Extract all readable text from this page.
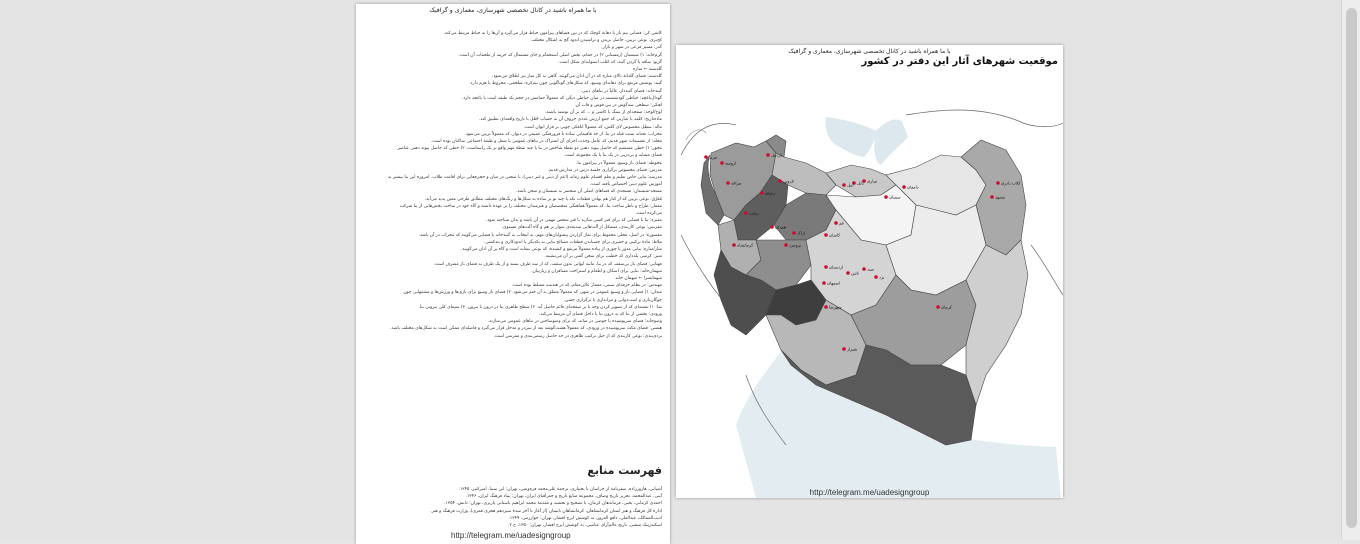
با ما همراه باشید در کانال تخصصی شهرسازی، معماری و گرافیک

کاشی کن: فضایی نیم باز با دهانۀ کوچک که در بین فضاهای پیرامون حیاط قرار می‌گیرد و آن‌ها را به حیاط مرتبط می‌کند.

کج‌بری: نوعی تزیین، حاصل بریدن و تراشیدن اندود گچ به اشکال مختلف.

گذر: مسیر فرعی در شهر و بازار.

گرم‌خانه: ۱) شبستان (زمستانی ۲) در حمام، بخش اصلی استحمام و جای مشتمال که خزینه از ملحقات آن است.

گریو: ساقه یا گردن گنبد، که اغلب استوانه‌ای شکل است.

گلدسته ← مناره

گلدسته: فضای گلدانۀ بالای مناره که در آن اذان می‌گویند، گاهی به کل منار نیز اطلاق می‌شود.

گنبد: پوشش مرتفع برای دهانه‌ای وسیع، که شکل‌های گوناگونی چون نیم‌کره، شلجمی، مخروط یا هرم دارد.

گنبدخانه: فضای گنبددار، غالباً در بناهای دینی.

گودال‌باغچه: حیاطی گودنشسته در میان حیاطی دیگر، که معمولاً حمامش در حجم یک طبقه است یا باغچه دارد.

لچکی: سطحی سه‌گوش در بین قوس و قاب آن.

لوح/لوحه: صفحه‌ای از سنگ یا کاشی و ... که بر آن نوشته باشند.

ماده‌تاریخ: کلمه یا عبارتی که جمع ارزش عددی حروف آن به حساب جُمَّل با تاریخ واقعه‌ای تطبیق کند.

ماله: سطل مخصوص لای گلش، که معمولاً اتاقکی چوبی بر فراز ایوان است.

محراب: تختانه سنت قبله در بنا، از حد فاقیمایی ساده تا فرورفتگی عمیقی در دیوار، که معمولاً تزیین می‌شود.

محله: از تقسیمات شهر قدیم، که عامل وحدت اجزای آن اشتراک در بناهای عمومی یا شغل و طبقۀ اجتماعی ساکنان بوده است.

محور: ۱) خطی مستقیم که حاصل پیوند ذهنی دو نقطۀ شاخص در بنا یا چند نقطۀ مهم واقع بر یک راستاست. ۲) خطی که حاصل پیوند ذهنی عناصر

فضای مشابه و پی‌درپی در یک بنا یا یک مجموعه است.

محوطه: فضای باز وسیع، معمولاً در پیرامون بنا.

مدرس: فضای مخصوص برگزاری جلسۀ درس در مدارس قدیم.

مدرسه: بنایی خاص تعلیم و تعلم اقسام علوم زمانه (اعم از دینی و غیر دینی)، با صحنی در میان و حجره‌هایی برای اقامت طلاب. امروزه این بنا بیشتر به

آموزش علوم دینی اختصاص یافته است.

مسجد-شبستان: مسجدی که فضاهای اصلی آن منحصر به شبستان و صحن باشد.

مُعَرَّق: نوعی تزیین که از کنار هم نهادن قطعات تکه یا چند تو بر ساده به شکل‌ها و رنگ‌های مختلف مطابق طرحی معین پدید می‌آید.

معمار: طراح و ناظر ساخت بنا، که معمولاً هماهنگی متخصصان و هنرمندان مختلف را بر عهده داشته و گاه خود در ساخت بخش‌هایی از بنا شرکت

می‌کرده است.

مقبره: بنا یا فضایی که برای قبر کسی سازند یا قبر شخص مهمی در آن باشد و بدان شناخته شود.

مقرنس: نوعی کاربندی، متشکل از آلت‌هایی سه‌بعدی سوار بر هم و گاه آلت‌های مستوی.

مقصوره: در اصل، محلی محفوظ برای نماز گزاردن پیشوایان‌های مهم، به انتخاب به گنبدخانه یا فضایی می‌گویند که محراب در آن باشد.

ملاط: مادۀ ترکیبی و خمیری برای چسباندن قطعات مصالح بنایی به یکدیگر یا اندودکاری و بندکشی.

منار/مناره: بنایی مدور یا چوری از پیاده معمولاً مرتفع و کشیده، که نوعی نشانه است و گاه بر آن اذان می‌گویند.

منبر: کرسی پله‌داری که خطیب برای سخن گفتن بر آن می‌نشیند.

مَهتابی: فضای باز بی‌سقف که در بنا، مانند ایوانی بدون سقف، که از سه طرف بسته و از یک طرف به فضای باز مشرف است.

میهمان‌خانه: بنایی برای اسکان و اطعام و استراحت مسافران و زیارتیان.

میهمانسرا ← میهمان خانه

مهندس: در نظام حرفه‌ای سنتی، معمار عالی‌مقام، که در هندسه مسلط بوده است.

میدان: ۱) فضایی باز و وسیع عمومی در شهر، که معمولاً متعلق به آن ختم می‌شود. ۲) فضای باز وسیع برای بازی‌ها و ورزش‌ها و مشقهایی چون

چوگان‌بازی و اسب‌دوانی و تیراندازی یا برگزاری جشن.

نما: ۱) نقشه‌ای که از تصویر کردن وجه یا بر صفحه‌ای قائم حاصل آید. ۲) سطح ظاهری بنا در درون یا بیرون. ۳) سیمای کلی بیرونی بنا.

ورودی: بخشی از بنا که به درون بنا یا داخل فضای آن مرتبط می‌کند.

وضوخانه: فضای سرپوشیده یا حوضی در میانه، که برای وضوساختن در بناهای عمومی می‌سازند.

هشتی: فضای مکث سرپوشیده در ورودی، که معمولاً هشت‌گوشه بعد از سردر و مدخل قرار می‌گیرد و فاصله‌ای ممکن است به شکل‌های مختلف باشد.

یزدی‌بندی: نوعی کاربندی که از خیل ترکیب ظاهری در حد حاصل رسمی‌بندی و مقرنس است.

فهرست منابع

آشپانی، هارورزاده، سفرنامۀ از خراسان تا بختیاری، ترجمۀ علی‌محمد فره‌وشی، تهران: ابن سینا، امیرکبیر، ۱۳۴۵.

آیتی، عبدالمحمد، تحریر تاریخ وصاف، مجموعۀ منابع تاریخ و جغرافیای ایران، تهران: بنیاد فرهنگ ایران، ۱۳۴۶.

احمدی کرمانی، یحیی، فرماندهان کرمان، با تصحیح و تحشیه و مقدمۀ محمد ابراهیم باستانی پاریزی، تهران: دانش، ۱۳۵۴.

ادارۀ کل فرهنگ و هنر استان کرمانشاهان، کرمانشاهان باستان (از آغاز تا آخر سدۀ سیزدهم هجری قمری)، وزارت فرهنگ و هنر.

ادیب‌الممالک، عبدالعلی، دافع الغرور، به کوشش ایرج افشار، تهران: خوارزمی، ۱۳۴۹.

اسکندربیک منشی، تاریخ عالم‌آرای عباسی، به کوشش ایرج افشار، تهران: ۱۳۵۰، ج ۲.

http://telegram.me/uadesigngroup
تبریز
ارومیه
مراغه
اردبیل
قزوین
زنجان
رشت
ساری
بابل
آمل	دامغان
سمنان	مشهد
کلات نادری
همدان
کرمانشاه	بروجرد
اراک	کاشان
قم
اردستان
نائین
اصفهان
یزد
میبد
کرمان
شیراز
شهرضا
با ما همراه باشید در کانال تخصصی شهرسازی، معماری و گرافیک
موقعیت شهرهای آثار این دفتر در کشور
http://telegram.me/uadesigngroup
